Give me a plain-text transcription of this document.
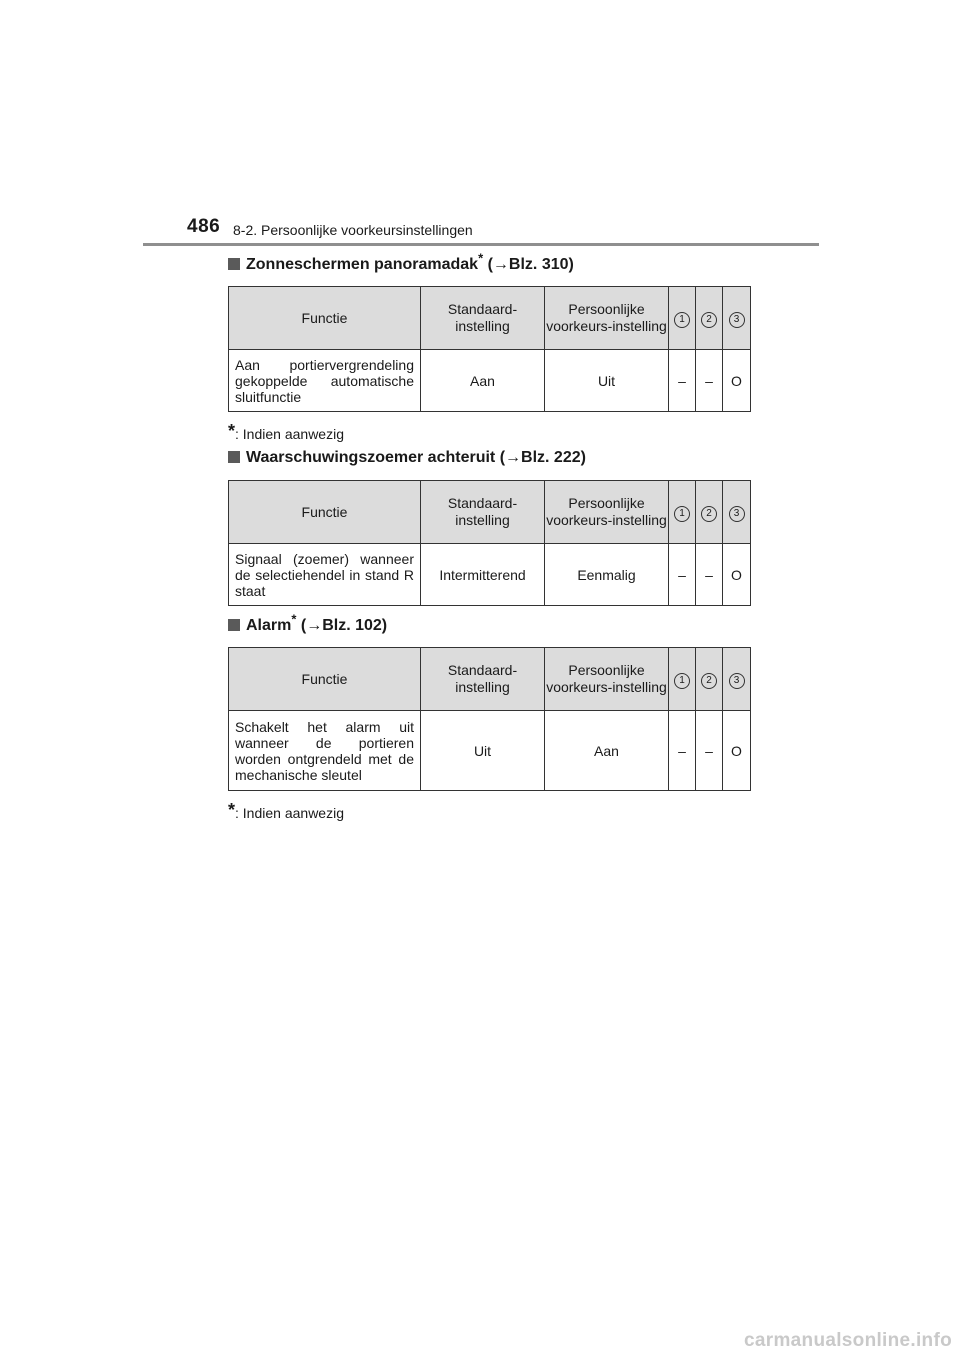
486 8-2. Persoonlijke voorkeursinstellingen
Zonneschermen panoramadak* (→Blz. 310)
Functie	Standaard-instelling	Persoonlijke voorkeurs-instelling	1	2	3
Aan portiervergrendeling gekoppelde automatische sluitfunctie	Aan	Uit	–	–	O
*: Indien aanwezig
Waarschuwingszoemer achteruit (→Blz. 222)
Functie	Standaard-instelling	Persoonlijke voorkeurs-instelling	1	2	3
Signaal (zoemer) wanneer de selectiehendel in stand R staat	Intermitterend	Eenmalig	–	–	O
Alarm* (→Blz. 102)
Functie	Standaard-instelling	Persoonlijke voorkeurs-instelling	1	2	3
Schakelt het alarm uit wanneer de portieren worden ontgrendeld met de mechanische sleutel	Uit	Aan	–	–	O
*: Indien aanwezig
carmanualsonline.info
